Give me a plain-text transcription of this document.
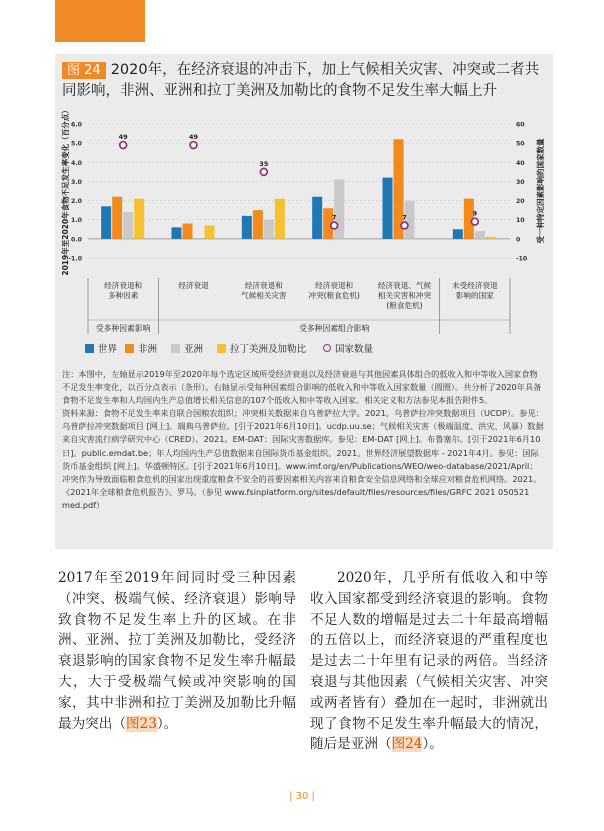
图 24 2020年，在经济衰退的冲击下，加上气候相关灾害、冲突或二者共同影响，非洲、亚洲和拉丁美洲及加勒比的食物不足发生率大幅上升
6.0
5.0
4.0
3.0
2.0
1.0
0.0
-1.0
60
50
40
30
20
10
0
-10
2019年至2020年食物不足发生率变化（百分点）	受一种特定因素影响的国家数量
49
经济衰退和
多种因素
49
经济衰退
35
经济衰退和
气候相关灾害
7
经济衰退和
冲突(粮食危机)
7
经济衰退、气候
相关灾害和冲突
(粮食危机)
9
未受经济衰退
影响的国家
受多种因素影响	受多种因素组合影响
世界 非洲	亚洲	拉丁美洲及加勒比	国家数量

注：本图中，左轴显示2019年至2020年每个选定区域所受经济衰退以及经济衰退与其他因素具体组合的低收入和中等收入国家食物不足发生率变化，以百分点表示（条形）。右轴显示受每种因素组合影响的低收入和中等收入国家数量（圆圈）。共分析了2020年具备食物不足发生率和人均国内生产总值增长相关信息的107个低收入和中等收入国家。相关定义和方法参见本报告附件5。

资料来源：食物不足发生率来自联合国粮农组织；冲突相关数据来自乌普萨拉大学。2021。乌普萨拉冲突数据项目（UCDP）。参见：乌普萨拉冲突数据项目 [网上]。瑞典乌普萨拉。[引于2021年6月10日]。ucdp.uu.se；气候相关灾害（极端温度、洪灾、风暴）数据来自灾害流行病学研究中心（CRED）。2021。EM-DAT：国际灾害数据库。参见：EM-DAT [网上]。布鲁塞尔。[引于2021年6月10日]。public.emdat.be；年人均国内生产总值数据来自国际货币基金组织。2021。世界经济展望数据库 - 2021年4月。参见：国际货币基金组织 [网上]。华盛顿特区。[引于2021年6月10日]。www.imf.org/en/Publications/WEO/weo-database/2021/April；冲突作为导致面临粮食危机的国家出现重度粮食不安全的首要因素相关内容来自粮食安全信息网络和全球应对粮食危机网络。2021。《2021年全球粮食危机报告》。罗马。（参见 www.fsinplatform.org/sites/default/files/resources/files/GRFC 2021 050521 med.pdf）

2017年至2019年间同时受三种因素（冲突、极端气候、经济衰退）影响导致食物不足发生率上升的区域。在非洲、亚洲、拉丁美洲及加勒比，受经济衰退影响的国家食物不足发生率升幅最大，大于受极端气候或冲突影响的国家，其中非洲和拉丁美洲及加勒比升幅最为突出（图23）。

2020年，几乎所有低收入和中等收入国家都受到经济衰退的影响。食物不足人数的增幅是过去二十年最高增幅的五倍以上，而经济衰退的严重程度也是过去二十年里有记录的两倍。当经济衰退与其他因素（气候相关灾害、冲突或两者皆有）叠加在一起时，非洲就出现了食物不足发生率升幅最大的情况，随后是亚洲（图24）。

| 30 |
